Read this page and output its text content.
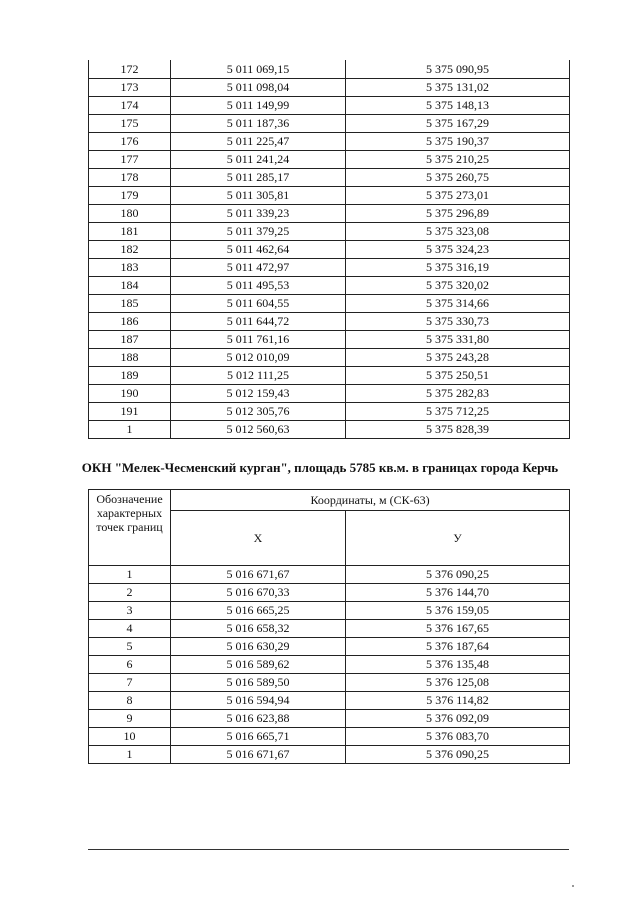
172	5 011 069,15	5 375 090,95
173	5 011 098,04	5 375 131,02
174	5 011 149,99	5 375 148,13
175	5 011 187,36	5 375 167,29
176	5 011 225,47	5 375 190,37
177	5 011 241,24	5 375 210,25
178	5 011 285,17	5 375 260,75
179	5 011 305,81	5 375 273,01
180	5 011 339,23	5 375 296,89
181	5 011 379,25	5 375 323,08
182	5 011 462,64	5 375 324,23
183	5 011 472,97	5 375 316,19
184	5 011 495,53	5 375 320,02
185	5 011 604,55	5 375 314,66
186	5 011 644,72	5 375 330,73
187	5 011 761,16	5 375 331,80
188	5 012 010,09	5 375 243,28
189	5 012 111,25	5 375 250,51
190	5 012 159,43	5 375 282,83
191	5 012 305,76	5 375 712,25
1	5 012 560,63	5 375 828,39
ОКН "Мелек-Чесменский курган", площадь 5785 кв.м. в границах города Керчь
Обозначение характерных точек границ	Координаты, м (СК-63)	
	X	У
1	5 016 671,67	5 376 090,25
2	5 016 670,33	5 376 144,70
3	5 016 665,25	5 376 159,05
4	5 016 658,32	5 376 167,65
5	5 016 630,29	5 376 187,64
6	5 016 589,62	5 376 135,48
7	5 016 589,50	5 376 125,08
8	5 016 594,94	5 376 114,82
9	5 016 623,88	5 376 092,09
10	5 016 665,71	5 376 083,70
1	5 016 671,67	5 376 090,25
